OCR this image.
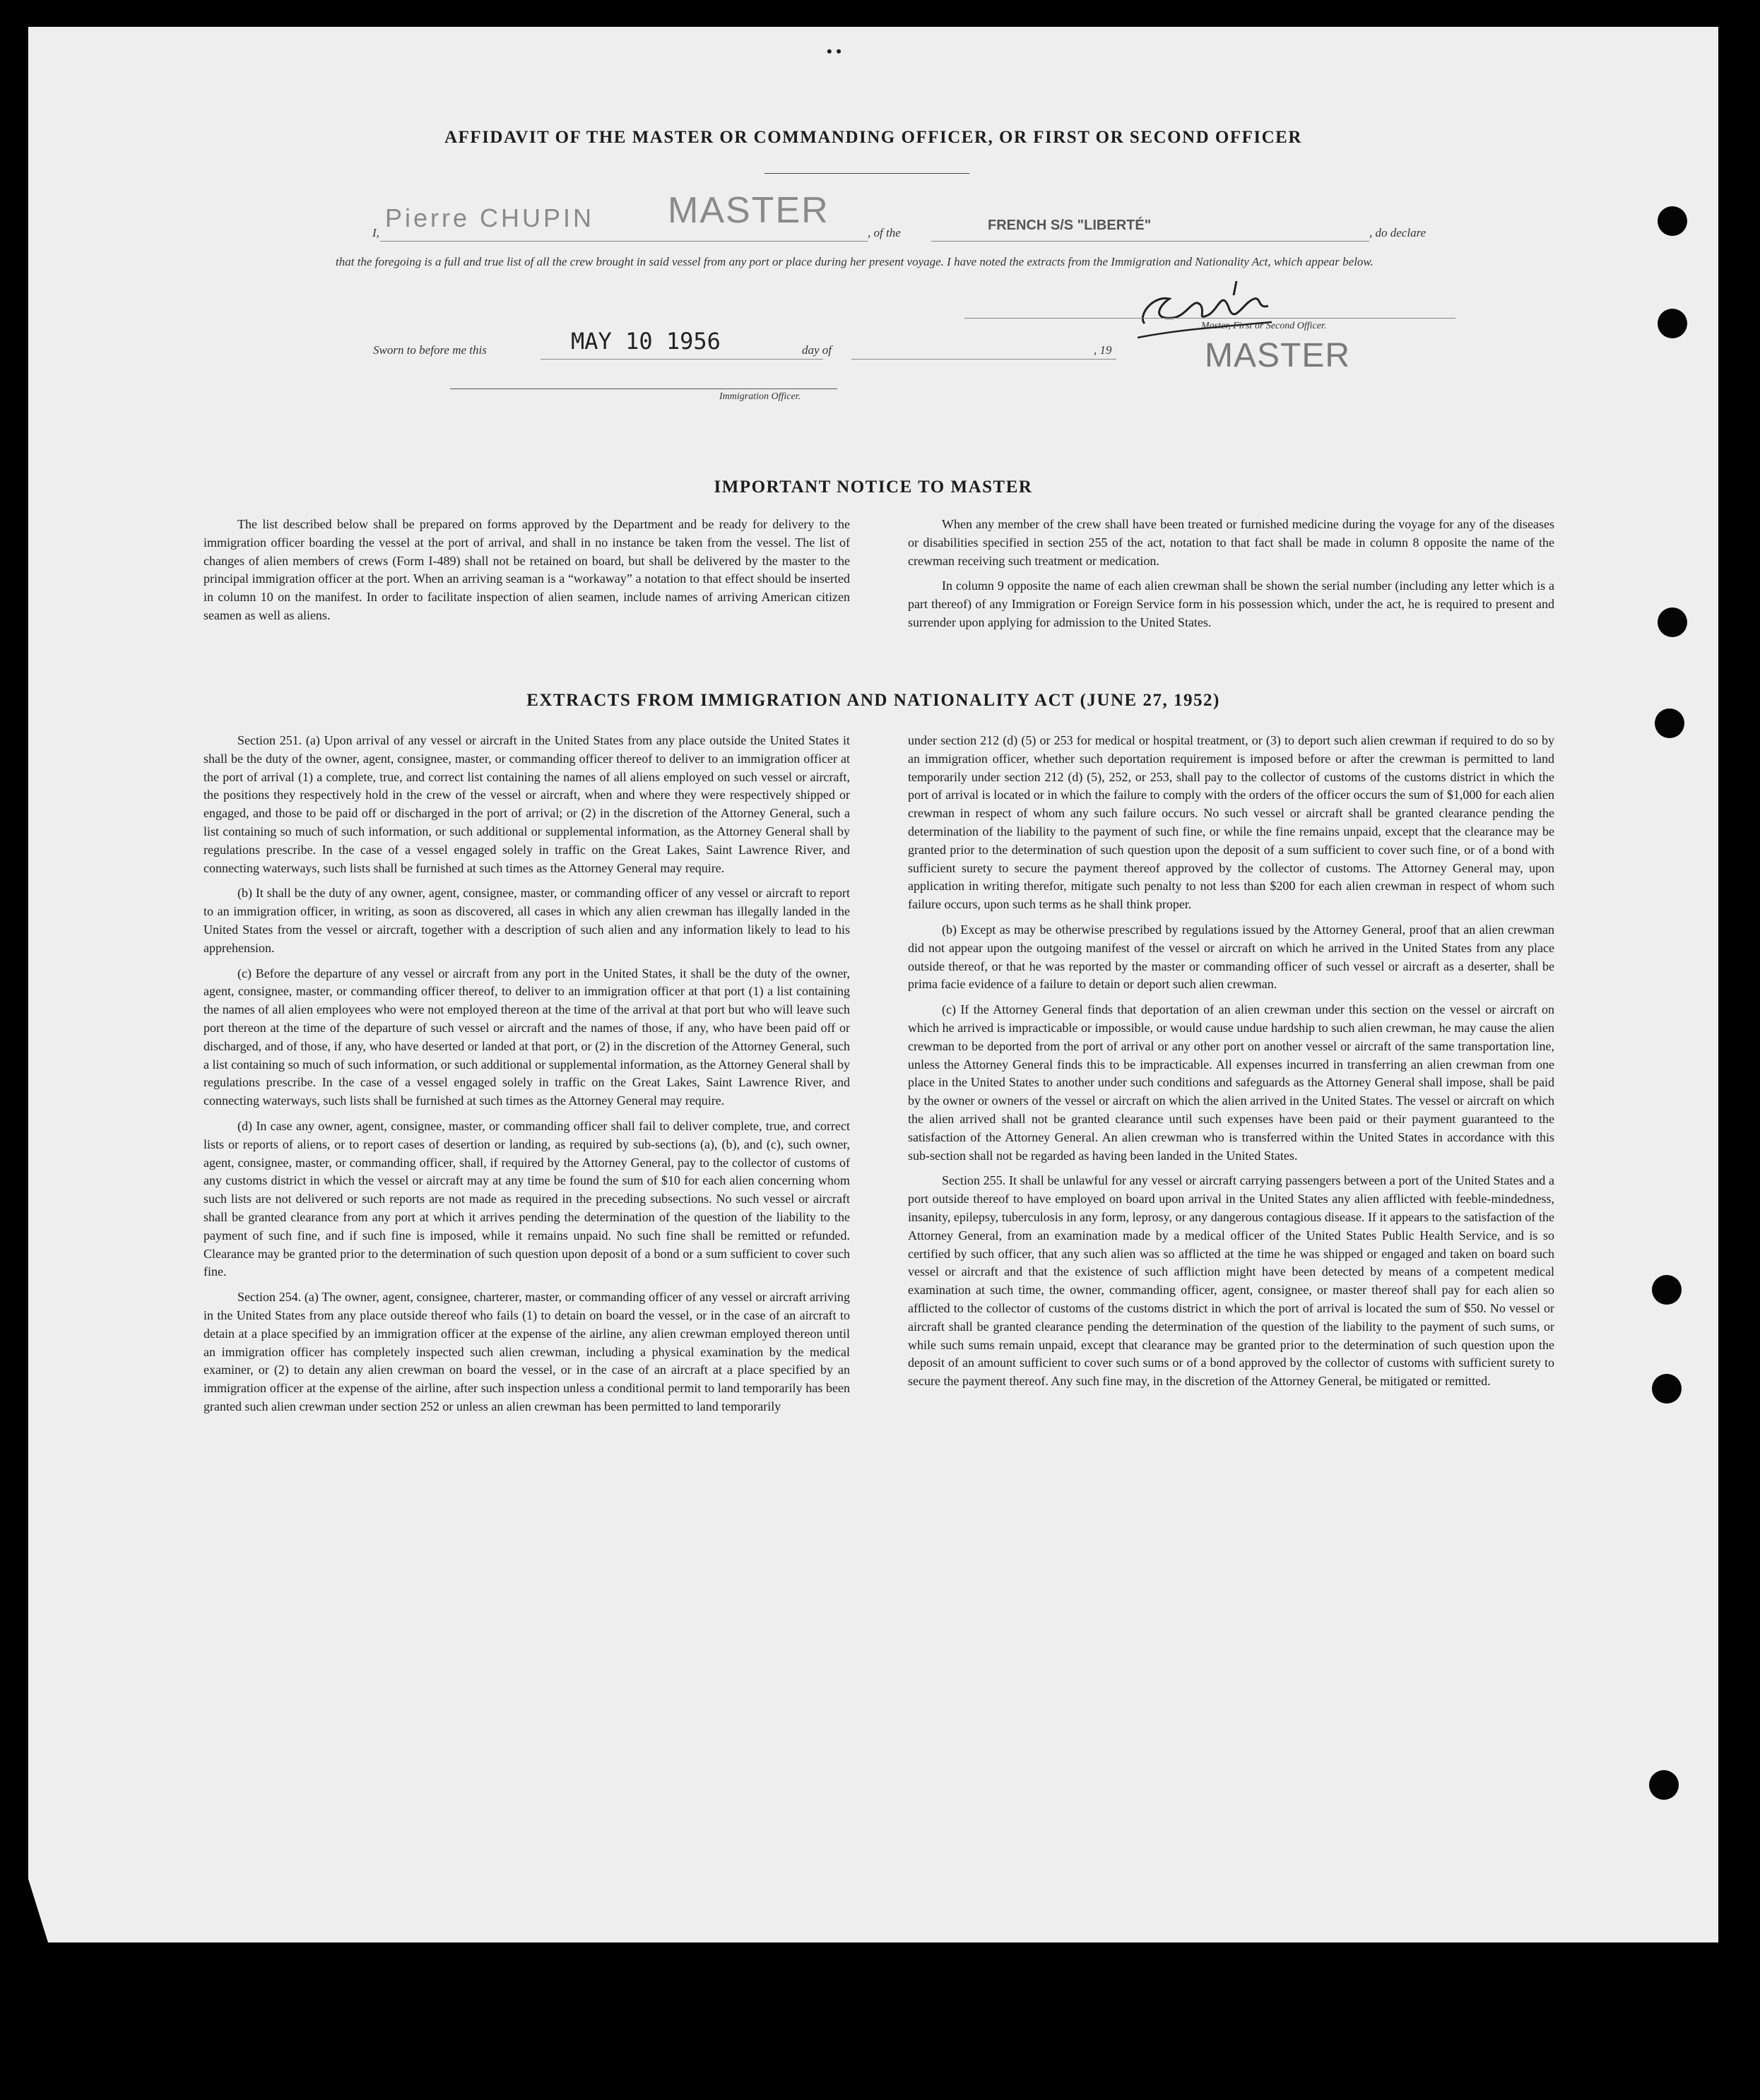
• •
AFFIDAVIT OF THE MASTER OR COMMANDING OFFICER, OR FIRST OR SECOND OFFICER
I,
Pierre CHUPIN MASTER
, of the	FRENCH S/S "LIBERTÉ"	, do declare
that the foregoing is a full and true list of all the crew brought in said vessel from any port or place during her present voyage. I have noted the extracts from the Immigration and Nationality Act, which appear below.
Master, First or Second Officer.
Sworn to before me this	MAY 10 1956	day of	, 19	MASTER
Immigration Officer.
IMPORTANT NOTICE TO MASTER

The list described below shall be prepared on forms approved by the Department and be ready for delivery to the immigration officer boarding the vessel at the port of arrival, and shall in no instance be taken from the vessel. The list of changes of alien members of crews (Form I-489) shall not be retained on board, but shall be delivered by the master to the principal immigration officer at the port. When an arriving seaman is a “workaway” a notation to that effect should be inserted in column 10 on the manifest. In order to facilitate inspection of alien seamen, include names of arriving American citizen seamen as well as aliens.

When any member of the crew shall have been treated or furnished medicine during the voyage for any of the diseases or disabilities specified in section 255 of the act, notation to that fact shall be made in column 8 opposite the name of the crewman receiving such treatment or medication.

In column 9 opposite the name of each alien crewman shall be shown the serial number (including any letter which is a part thereof) of any Immigration or Foreign Service form in his possession which, under the act, he is required to present and surrender upon applying for admission to the United States.

EXTRACTS FROM IMMIGRATION AND NATIONALITY ACT (JUNE 27, 1952)

Section 251. (a) Upon arrival of any vessel or aircraft in the United States from any place outside the United States it shall be the duty of the owner, agent, consignee, master, or commanding officer thereof to deliver to an immigration officer at the port of arrival (1) a complete, true, and correct list containing the names of all aliens employed on such vessel or aircraft, the positions they respectively hold in the crew of the vessel or aircraft, when and where they were respectively shipped or engaged, and those to be paid off or discharged in the port of arrival; or (2) in the discretion of the Attorney General, such a list containing so much of such information, or such additional or supplemental information, as the Attorney General shall by regulations prescribe. In the case of a vessel engaged solely in traffic on the Great Lakes, Saint Lawrence River, and connecting waterways, such lists shall be furnished at such times as the Attorney General may require.

(b) It shall be the duty of any owner, agent, consignee, master, or commanding officer of any vessel or aircraft to report to an immigration officer, in writing, as soon as discovered, all cases in which any alien crewman has illegally landed in the United States from the vessel or aircraft, together with a description of such alien and any information likely to lead to his apprehension.

(c) Before the departure of any vessel or aircraft from any port in the United States, it shall be the duty of the owner, agent, consignee, master, or commanding officer thereof, to deliver to an immigration officer at that port (1) a list containing the names of all alien employees who were not employed thereon at the time of the arrival at that port but who will leave such port thereon at the time of the departure of such vessel or aircraft and the names of those, if any, who have been paid off or discharged, and of those, if any, who have deserted or landed at that port, or (2) in the discretion of the Attorney General, such a list containing so much of such information, or such additional or supplemental information, as the Attorney General shall by regulations prescribe. In the case of a vessel engaged solely in traffic on the Great Lakes, Saint Lawrence River, and connecting waterways, such lists shall be furnished at such times as the Attorney General may require.

(d) In case any owner, agent, consignee, master, or commanding officer shall fail to deliver complete, true, and correct lists or reports of aliens, or to report cases of desertion or landing, as required by sub-sections (a), (b), and (c), such owner, agent, consignee, master, or commanding officer, shall, if required by the Attorney General, pay to the collector of customs of any customs district in which the vessel or aircraft may at any time be found the sum of $10 for each alien concerning whom such lists are not delivered or such reports are not made as required in the preceding subsections. No such vessel or aircraft shall be granted clearance from any port at which it arrives pending the determination of the question of the liability to the payment of such fine, and if such fine is imposed, while it remains unpaid. No such fine shall be remitted or refunded. Clearance may be granted prior to the determination of such question upon deposit of a bond or a sum sufficient to cover such fine.

Section 254. (a) The owner, agent, consignee, charterer, master, or commanding officer of any vessel or aircraft arriving in the United States from any place outside thereof who fails (1) to detain on board the vessel, or in the case of an aircraft to detain at a place specified by an immigration officer at the expense of the airline, any alien crewman employed thereon until an immigration officer has completely inspected such alien crewman, including a physical examination by the medical examiner, or (2) to detain any alien crewman on board the vessel, or in the case of an aircraft at a place specified by an immigration officer at the expense of the airline, after such inspection unless a conditional permit to land temporarily has been granted such alien crewman under section 252 or unless an alien crewman has been permitted to land temporarily

under section 212 (d) (5) or 253 for medical or hospital treatment, or (3) to deport such alien crewman if required to do so by an immigration officer, whether such deportation requirement is imposed before or after the crewman is permitted to land temporarily under section 212 (d) (5), 252, or 253, shall pay to the collector of customs of the customs district in which the port of arrival is located or in which the failure to comply with the orders of the officer occurs the sum of $1,000 for each alien crewman in respect of whom any such failure occurs. No such vessel or aircraft shall be granted clearance pending the determination of the liability to the payment of such fine, or while the fine remains unpaid, except that the clearance may be granted prior to the determination of such question upon the deposit of a sum sufficient to cover such fine, or of a bond with sufficient surety to secure the payment thereof approved by the collector of customs. The Attorney General may, upon application in writing therefor, mitigate such penalty to not less than $200 for each alien crewman in respect of whom such failure occurs, upon such terms as he shall think proper.

(b) Except as may be otherwise prescribed by regulations issued by the Attorney General, proof that an alien crewman did not appear upon the outgoing manifest of the vessel or aircraft on which he arrived in the United States from any place outside thereof, or that he was reported by the master or commanding officer of such vessel or aircraft as a deserter, shall be prima facie evidence of a failure to detain or deport such alien crewman.

(c) If the Attorney General finds that deportation of an alien crewman under this section on the vessel or aircraft on which he arrived is impracticable or impossible, or would cause undue hardship to such alien crewman, he may cause the alien crewman to be deported from the port of arrival or any other port on another vessel or aircraft of the same transportation line, unless the Attorney General finds this to be impracticable. All expenses incurred in transferring an alien crewman from one place in the United States to another under such conditions and safeguards as the Attorney General shall impose, shall be paid by the owner or owners of the vessel or aircraft on which the alien arrived in the United States. The vessel or aircraft on which the alien arrived shall not be granted clearance until such expenses have been paid or their payment guaranteed to the satisfaction of the Attorney General. An alien crewman who is transferred within the United States in accordance with this sub-section shall not be regarded as having been landed in the United States.

Section 255. It shall be unlawful for any vessel or aircraft carrying passengers between a port of the United States and a port outside thereof to have employed on board upon arrival in the United States any alien afflicted with feeble-mindedness, insanity, epilepsy, tuberculosis in any form, leprosy, or any dangerous contagious disease. If it appears to the satisfaction of the Attorney General, from an examination made by a medical officer of the United States Public Health Service, and is so certified by such officer, that any such alien was so afflicted at the time he was shipped or engaged and taken on board such vessel or aircraft and that the existence of such affliction might have been detected by means of a competent medical examination at such time, the owner, commanding officer, agent, consignee, or master thereof shall pay for each alien so afflicted to the collector of customs of the customs district in which the port of arrival is located the sum of $50. No vessel or aircraft shall be granted clearance pending the determination of the question of the liability to the payment of such sums, or while such sums remain unpaid, except that clearance may be granted prior to the determination of such question upon the deposit of an amount sufficient to cover such sums or of a bond approved by the collector of customs with sufficient surety to secure the payment thereof. Any such fine may, in the discretion of the Attorney General, be mitigated or remitted.
